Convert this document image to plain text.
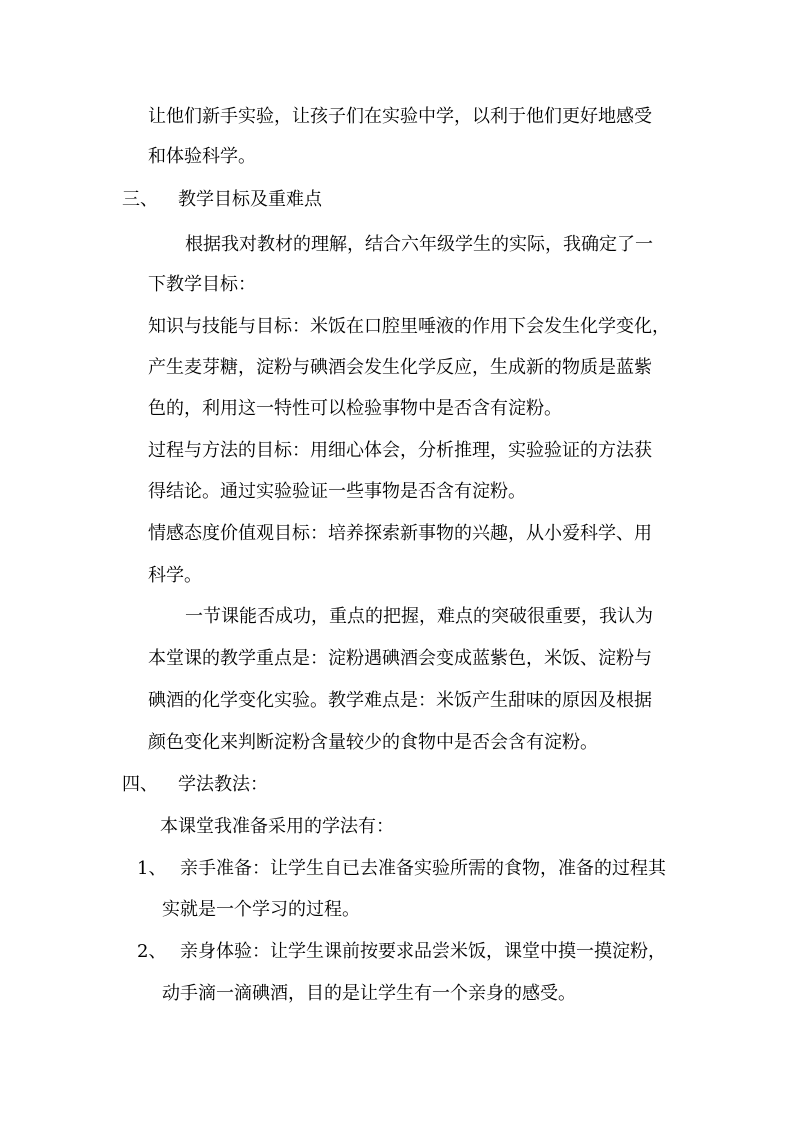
让他们新手实验，让孩子们在实验中学，以利于他们更好地感受
和体验科学。
三、 教学目标及重难点
根据我对教材的理解，结合六年级学生的实际，我确定了一
下教学目标：
知识与技能与目标：米饭在口腔里唾液的作用下会发生化学变化，
产生麦芽糖，淀粉与碘酒会发生化学反应，生成新的物质是蓝紫
色的，利用这一特性可以检验事物中是否含有淀粉。
过程与方法的目标：用细心体会，分析推理，实验验证的方法获
得结论。通过实验验证一些事物是否含有淀粉。
情感态度价值观目标：培养探索新事物的兴趣，从小爱科学、用
科学。
一节课能否成功，重点的把握，难点的突破很重要，我认为
本堂课的教学重点是：淀粉遇碘酒会变成蓝紫色，米饭、淀粉与
碘酒的化学变化实验。教学难点是：米饭产生甜味的原因及根据
颜色变化来判断淀粉含量较少的食物中是否会含有淀粉。
四、 学法教法：
本课堂我准备采用的学法有：
1、 亲手准备：让学生自已去准备实验所需的食物，准备的过程其
实就是一个学习的过程。
2、 亲身体验：让学生课前按要求品尝米饭，课堂中摸一摸淀粉，
动手滴一滴碘酒，目的是让学生有一个亲身的感受。
